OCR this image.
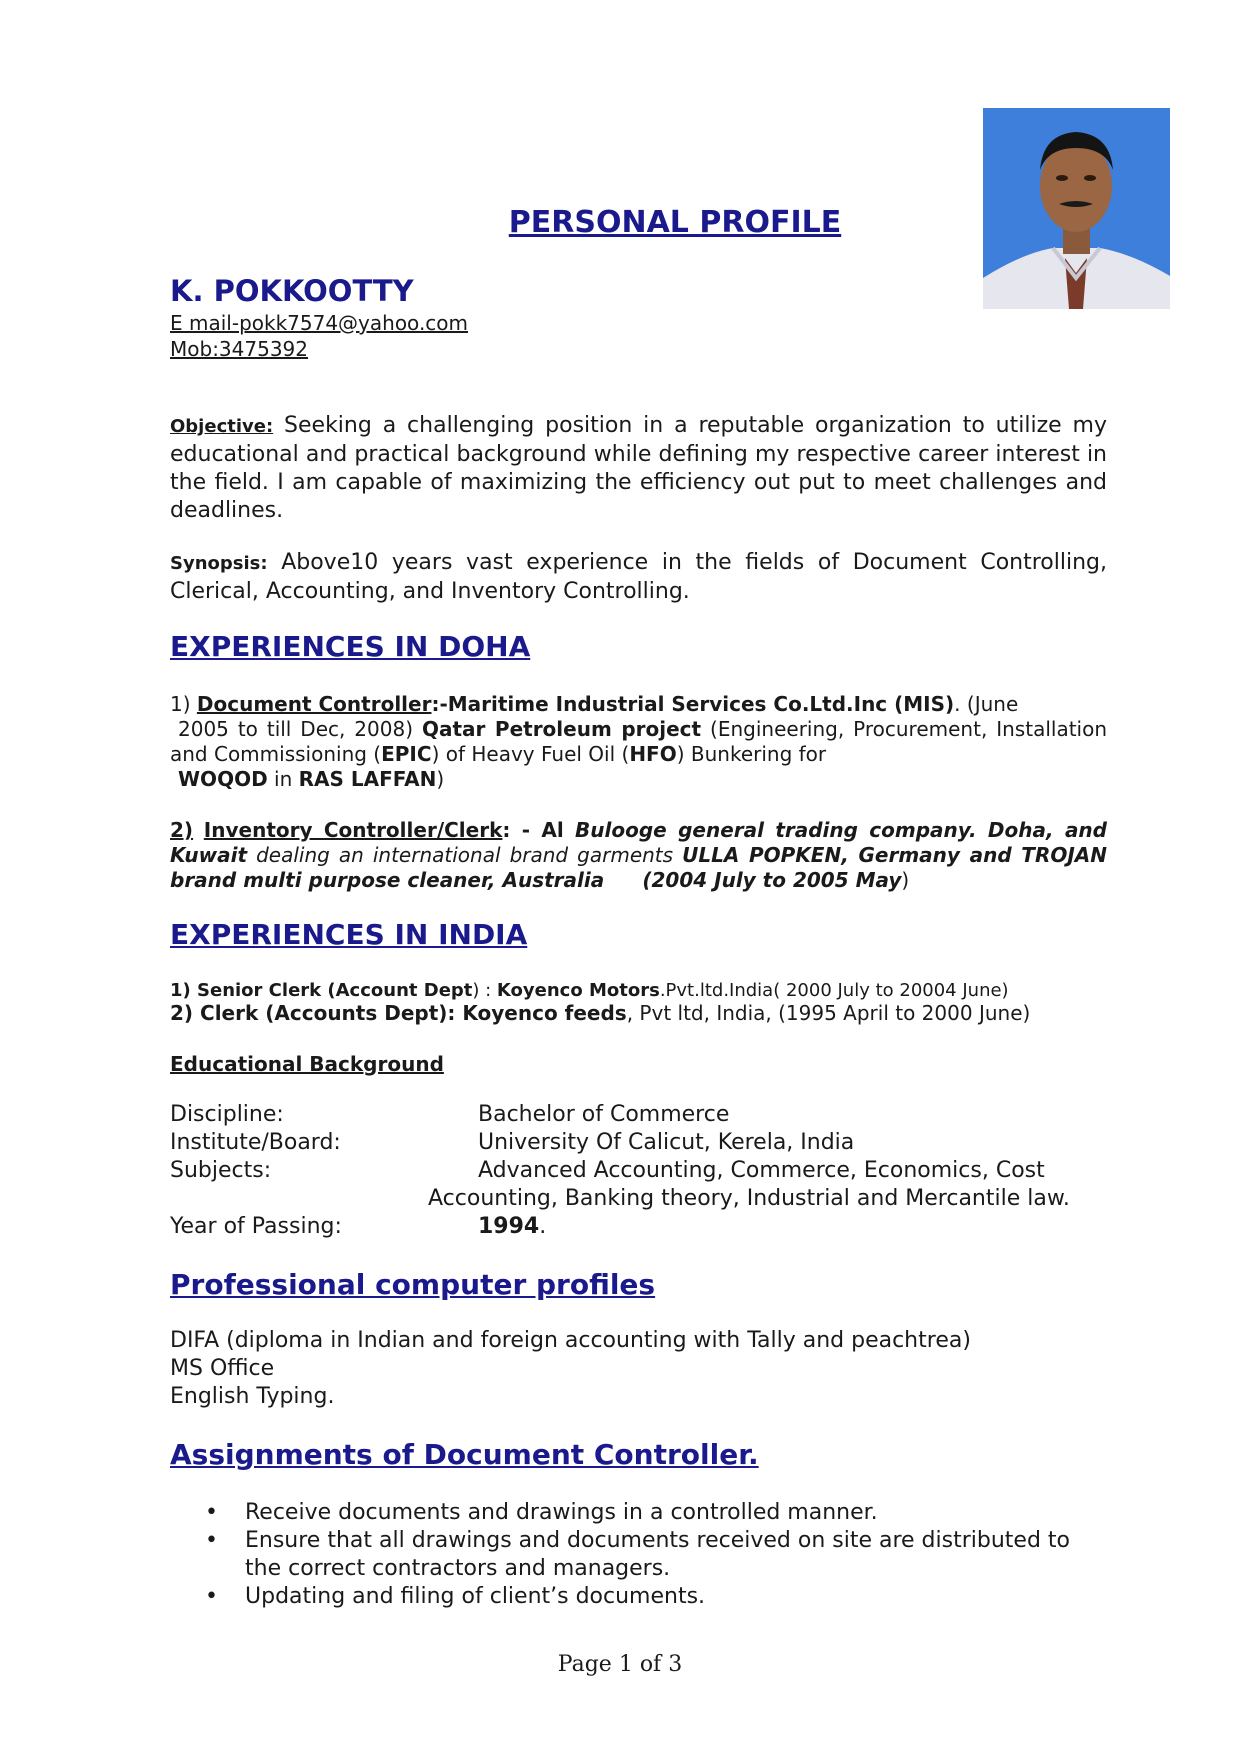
PERSONAL PROFILE
K. POKKOOTTY
E mail-pokk7574@yahoo.com
Mob:3475392
Objective: Seeking a challenging position in a reputable organization to utilize my educational and practical background while defining my respective career interest in the field. I am capable of maximizing the efficiency out put to meet challenges and deadlines.
Synopsis: Above10 years vast experience in the fields of Document Controlling, Clerical, Accounting, and Inventory Controlling.
EXPERIENCES IN DOHA
1) Document Controller:-Maritime Industrial Services Co.Ltd.Inc (MIS). (June
2005 to till Dec, 2008) Qatar Petroleum project (Engineering, Procurement, Installation and Commissioning (EPIC) of Heavy Fuel Oil (HFO) Bunkering for
WOQOD in RAS LAFFAN)
2) Inventory Controller/Clerk: - Al Bulooge general trading company. Doha, and Kuwait dealing an international brand garments ULLA POPKEN, Germany and TROJAN brand multi purpose cleaner, Australia (2004 July to 2005 May)
EXPERIENCES IN INDIA
1) Senior Clerk (Account Dept) : Koyenco Motors.Pvt.ltd.India( 2000 July to 20004 June)
2) Clerk (Accounts Dept): Koyenco feeds, Pvt ltd, India, (1995 April to 2000 June)
Educational Background
Discipline:	Bachelor of Commerce
Institute/Board:	University Of Calicut, Kerela, India
Subjects:	Advanced Accounting, Commerce, Economics, Cost
Accounting, Banking theory, Industrial and Mercantile law.
Year of Passing:	1994.
Professional computer profiles
DIFA (diploma in Indian and foreign accounting with Tally and peachtrea)
MS Office
English Typing.
Assignments of Document Controller.
• Receive documents and drawings in a controlled manner.
• Ensure that all drawings and documents received on site are distributed to
the correct contractors and managers.
• Updating and filing of client’s documents.
Page 1 of 3
